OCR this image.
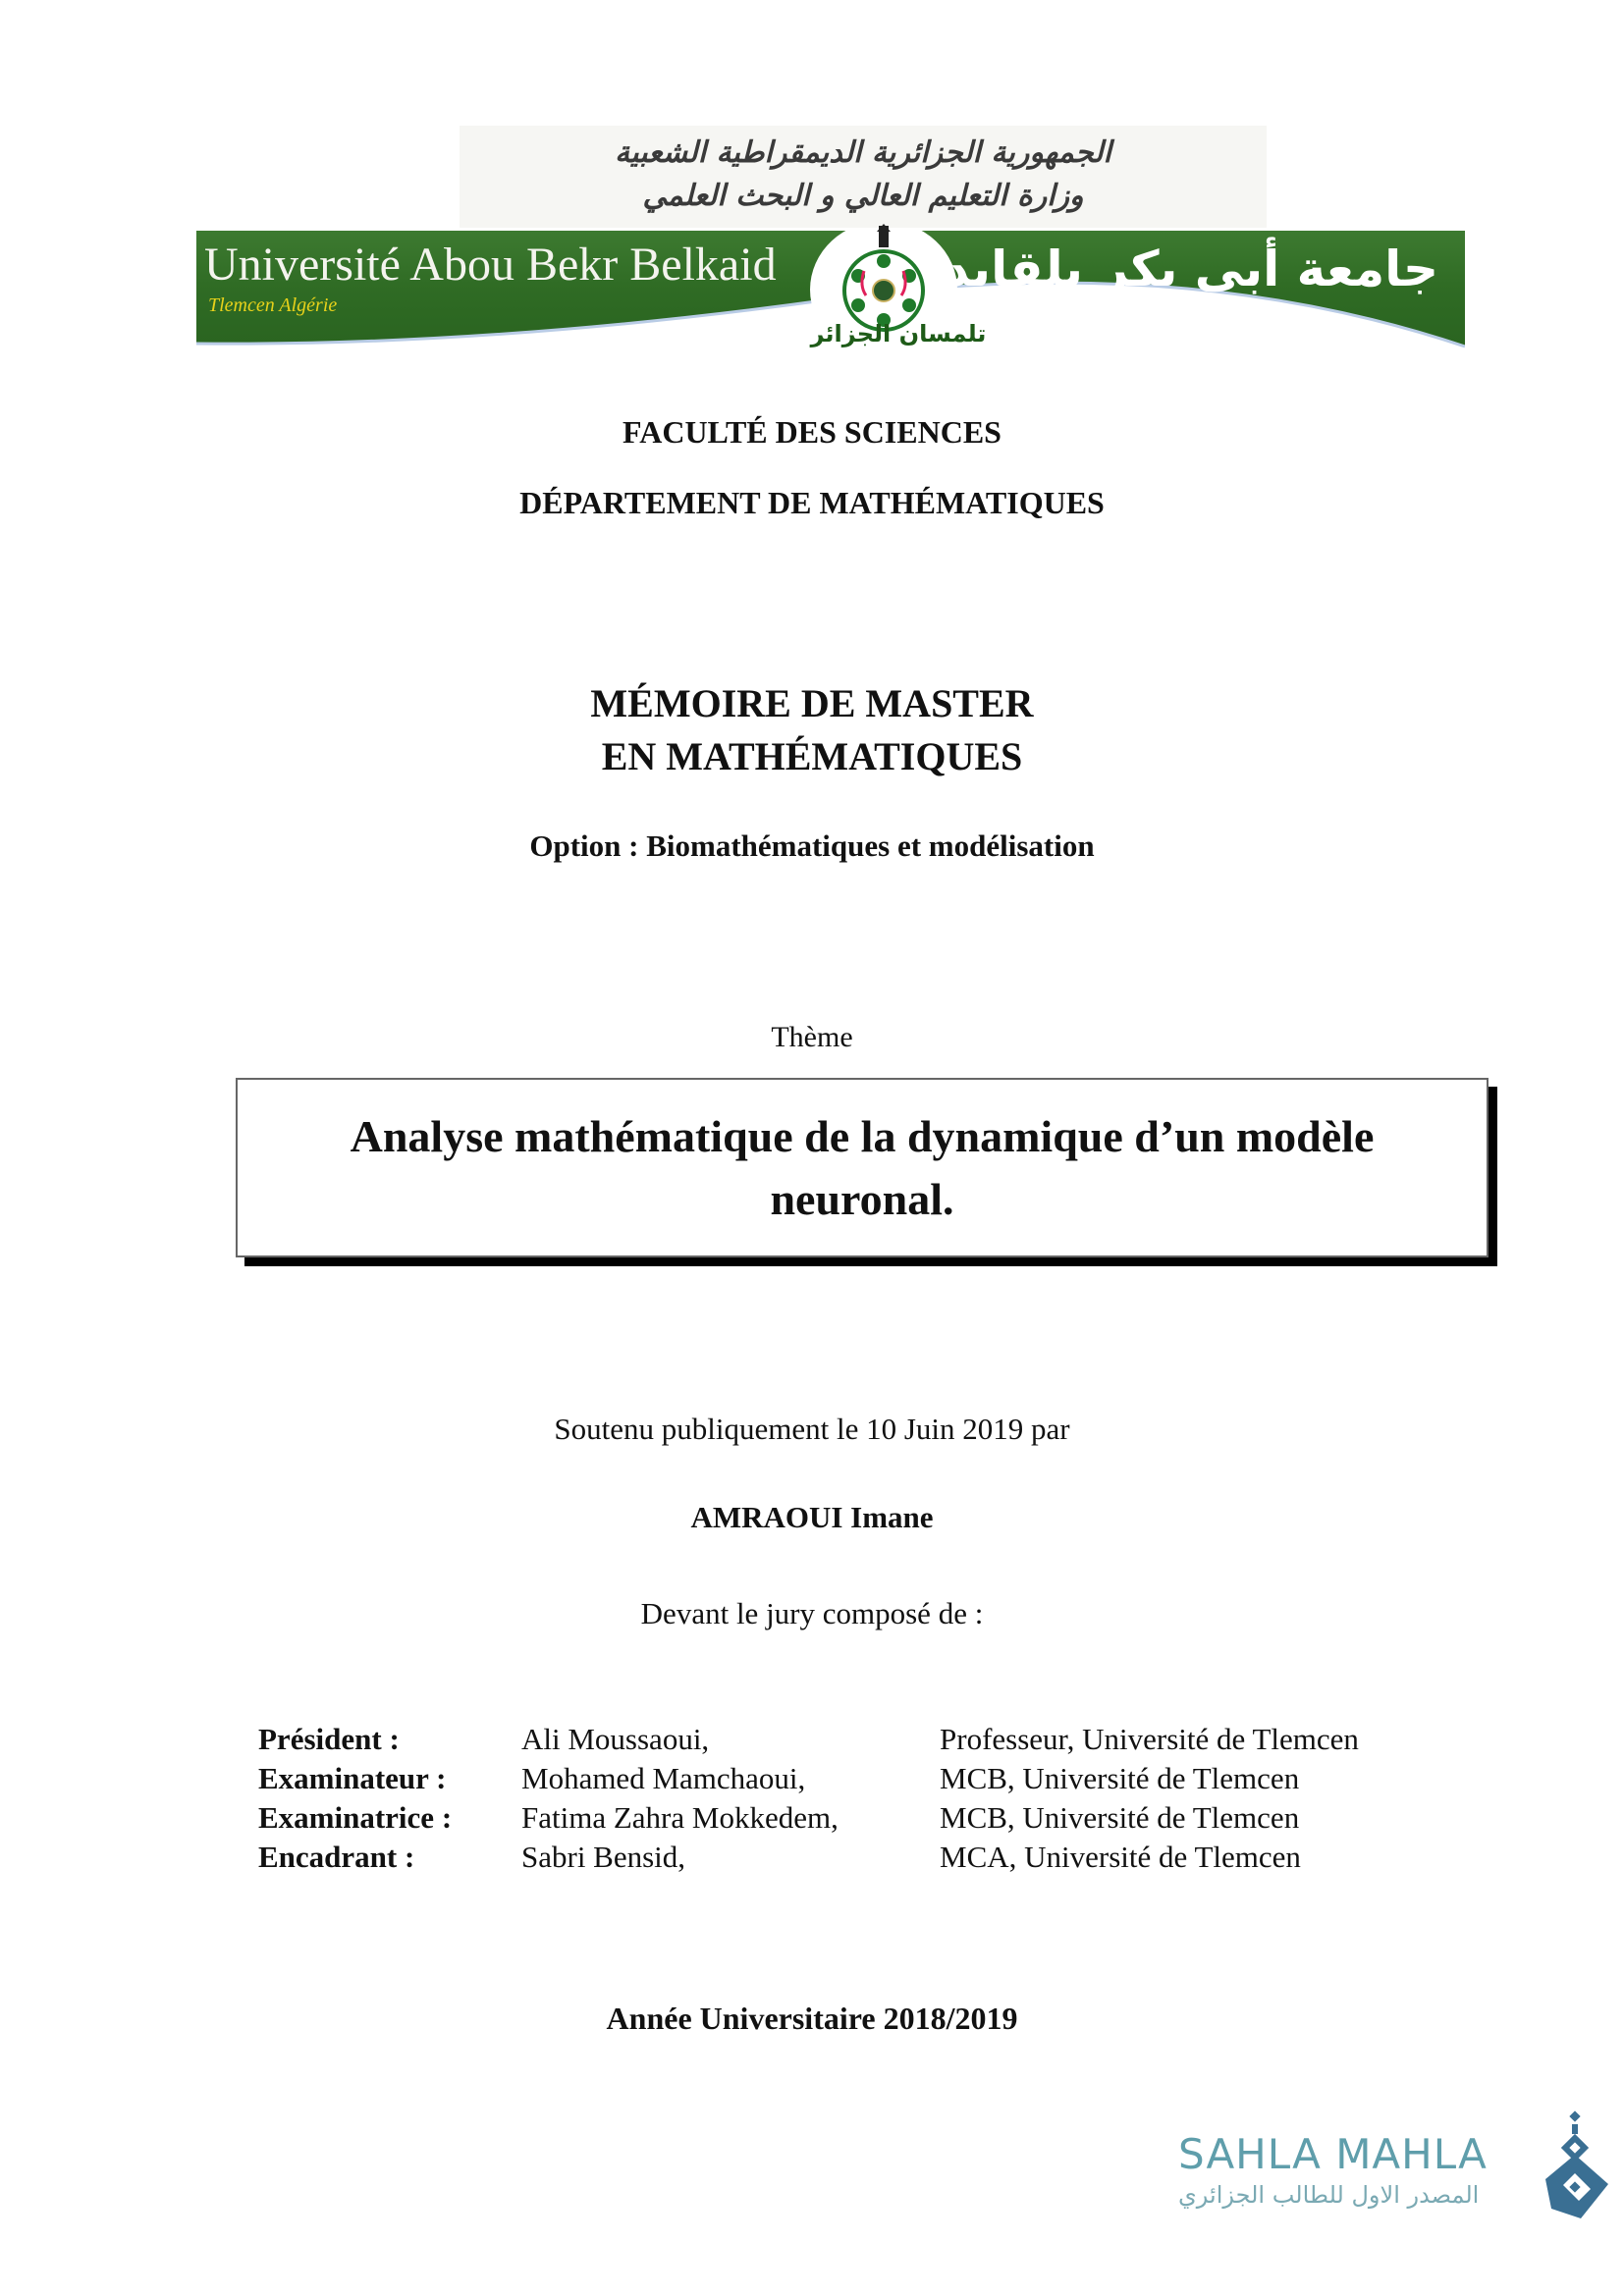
الجمهورية الجزائرية الديمقراطية الشعبية
وزارة التعليم العالي و البحث العلمي
Université Abou Bekr Belkaid
Tlemcen Algérie
جامعة أبي بكر بلقايد
تلمسان الجزائر
FACULTÉ DES SCIENCES
DÉPARTEMENT DE MATHÉMATIQUES
MÉMOIRE DE MASTER
EN MATHÉMATIQUES
Option : Biomathématiques et modélisation
Thème
Analyse mathématique de la dynamique d’un modèle neuronal.
Soutenu publiquement le 10 Juin 2019 par
AMRAOUI Imane
Devant le jury composé de :
Président :	Ali Moussaoui,	Professeur, Université de Tlemcen
Examinateur :	Mohamed Mamchaoui,	MCB, Université de Tlemcen
Examinatrice :	Fatima Zahra Mokkedem,	MCB, Université de Tlemcen
Encadrant :	Sabri Bensid,	MCA, Université de Tlemcen
Année Universitaire 2018/2019
SAHLA MAHLA
المصدر الاول للطالب الجزائري
